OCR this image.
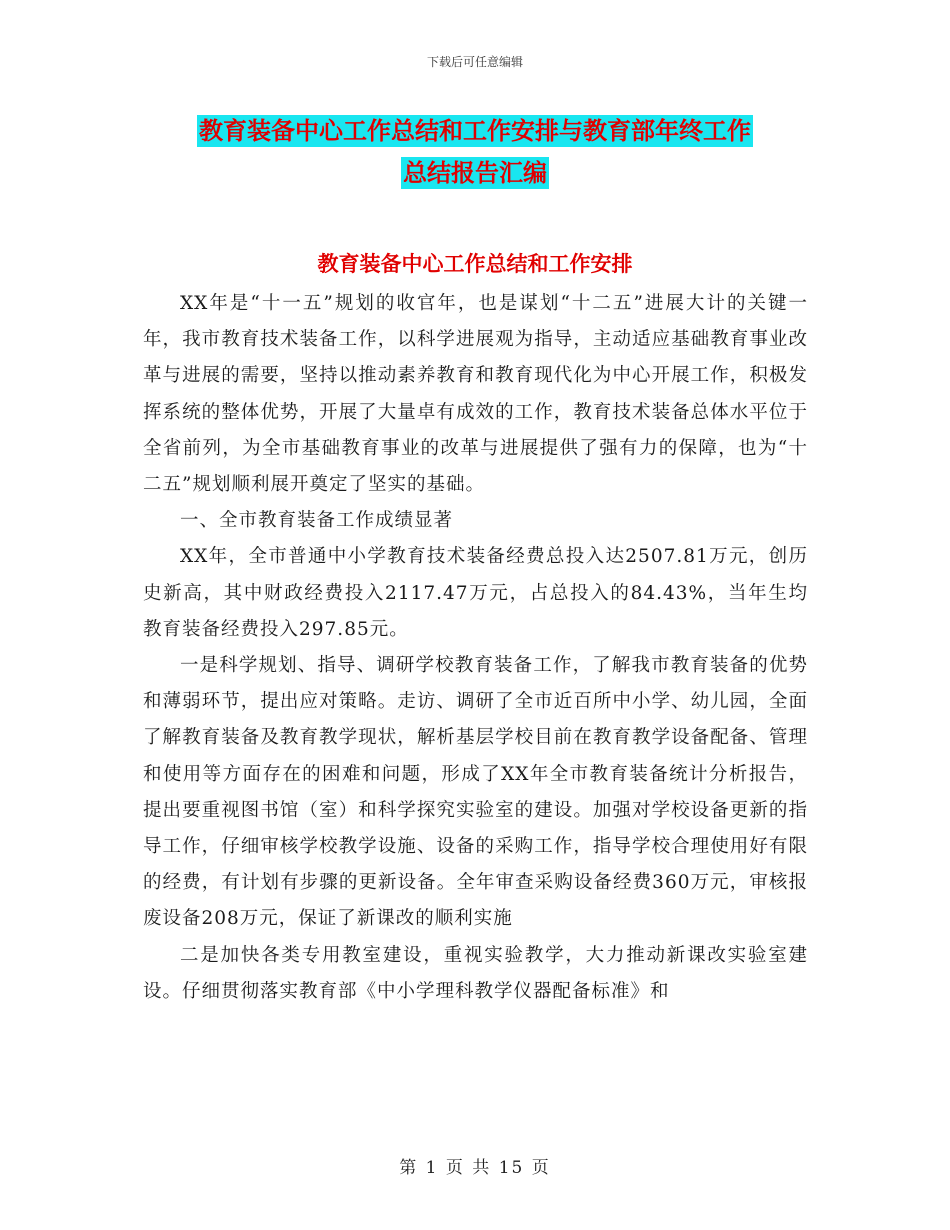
下载后可任意编辑
教育装备中心工作总结和工作安排与教育部年终工作
总结报告汇编
教育装备中心工作总结和工作安排

XX年是“十一五”规划的收官年，也是谋划“十二五”进展大计的关键一年，我市教育技术装备工作，以科学进展观为指导，主动适应基础教育事业改革与进展的需要，坚持以推动素养教育和教育现代化为中心开展工作，积极发挥系统的整体优势，开展了大量卓有成效的工作，教育技术装备总体水平位于全省前列，为全市基础教育事业的改革与进展提供了强有力的保障，也为“十二五”规划顺利展开奠定了坚实的基础。

一、全市教育装备工作成绩显著

XX年，全市普通中小学教育技术装备经费总投入达2507.81万元，创历史新高，其中财政经费投入2117.47万元，占总投入的84.43%，当年生均教育装备经费投入297.85元。

一是科学规划、指导、调研学校教育装备工作，了解我市教育装备的优势和薄弱环节，提出应对策略。走访、调研了全市近百所中小学、幼儿园，全面了解教育装备及教育教学现状，解析基层学校目前在教育教学设备配备、管理和使用等方面存在的困难和问题，形成了XX年全市教育装备统计分析报告，提出要重视图书馆（室）和科学探究实验室的建设。加强对学校设备更新的指导工作，仔细审核学校教学设施、设备的采购工作，指导学校合理使用好有限的经费，有计划有步骤的更新设备。全年审查采购设备经费360万元，审核报废设备208万元，保证了新课改的顺利实施

二是加快各类专用教室建设，重视实验教学，大力推动新课改实验室建设。仔细贯彻落实教育部《中小学理科教学仪器配备标准》和

第 1 页 共 15 页
